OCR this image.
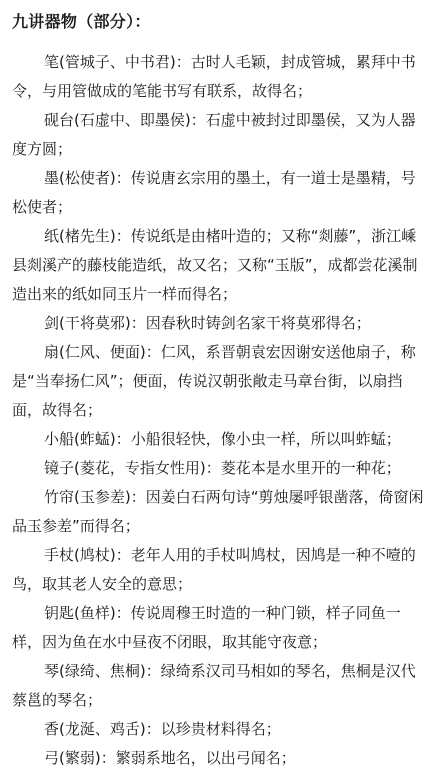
九讲器物（部分）：

笔(管城子、中书君)：古时人毛颖，封成管城，累拜中书令，与用管做成的笔能书写有联系，故得名；

砚台(石虚中、即墨侯)：石虚中被封过即墨侯，又为人器度方圆；

墨(松使者)：传说唐玄宗用的墨土，有一道士是墨精，号松使者；

纸(楮先生)：传说纸是由楮叶造的；又称“剡藤”，浙江嵊县剡溪产的藤枝能造纸，故又名；又称“玉版”，成都尝花溪制造出来的纸如同玉片一样而得名；

剑(干将莫邪)：因春秋时铸剑名家干将莫邪得名；

扇(仁风、便面)：仁风，系晋朝袁宏因谢安送他扇子，称是“当奉扬仁风”；便面，传说汉朝张敞走马章台街，以扇挡面，故得名；

小船(蚱蜢)：小船很轻快，像小虫一样，所以叫蚱蜢；

镜子(菱花，专指女性用)：菱花本是水里开的一种花；

竹帘(玉参差)：因姜白石两句诗“剪烛屡呼银凿落，倚窗闲品玉参差”而得名；

手杖(鸠杖)：老年人用的手杖叫鸠杖，因鸠是一种不噎的鸟，取其老人安全的意思；

钥匙(鱼样)：传说周穆王时造的一种门锁，样子同鱼一样，因为鱼在水中昼夜不闭眼，取其能守夜意；

琴(绿绮、焦桐)：绿绮系汉司马相如的琴名，焦桐是汉代蔡邕的琴名；

香(龙涎、鸡舌)：以珍贵材料得名；

弓(繁弱)：繁弱系地名，以出弓闻名；
